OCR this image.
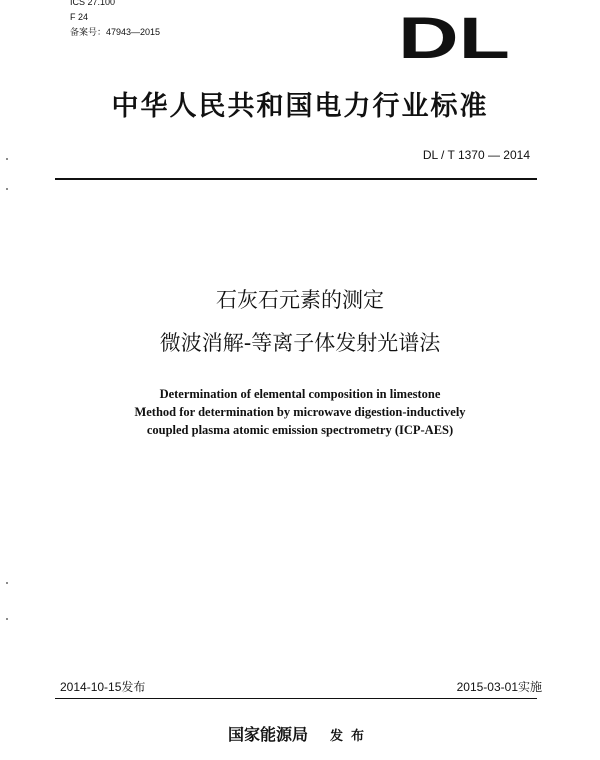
ICS 27.100
F 24
备案号：47943—2015	DL
中华人民共和国电力行业标准
DL / T 1370 — 2014
石灰石元素的测定
微波消解-等离子体发射光谱法
Determination of elemental composition in limestone
Method for determination by microwave digestion-inductively
coupled plasma atomic emission spectrometry (ICP-AES)
2014-10-15发布	2015-03-01实施
国家能源局 发布
